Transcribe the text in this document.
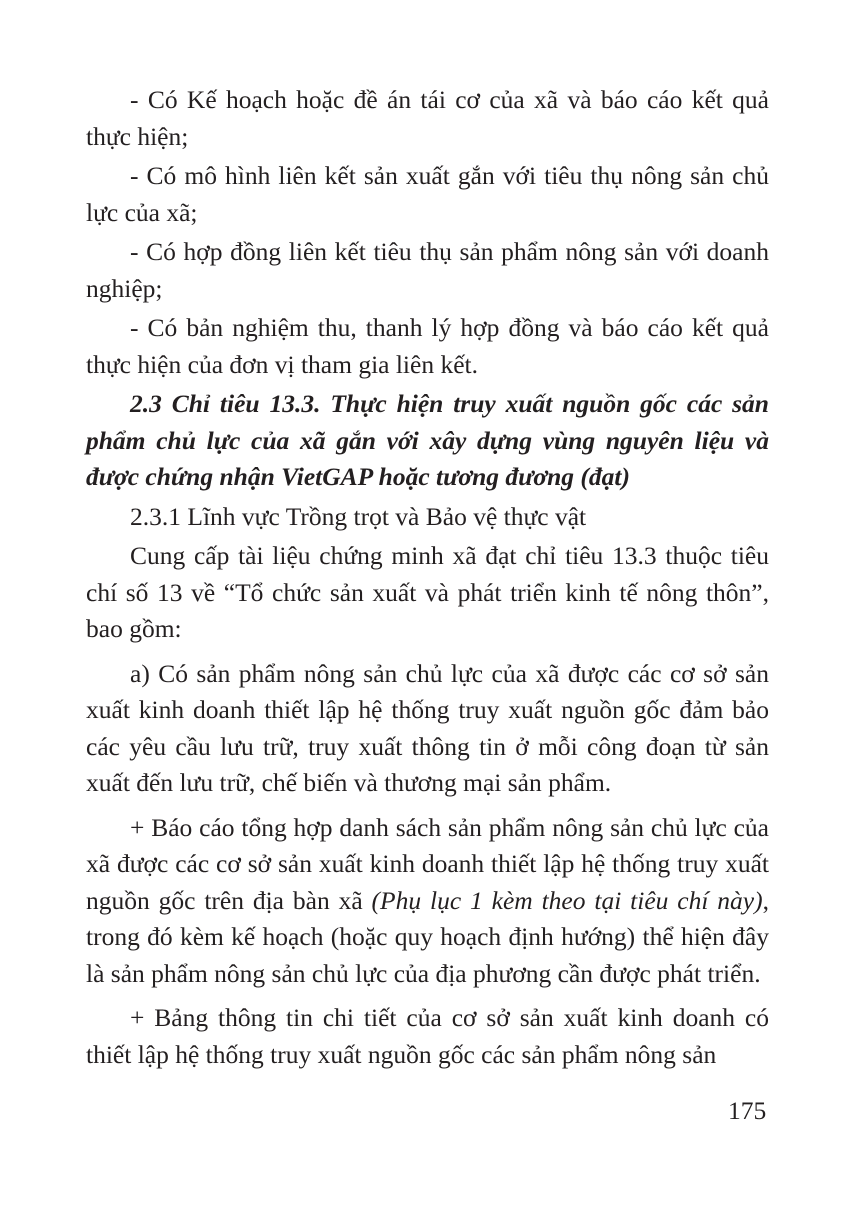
- Có Kế hoạch hoặc đề án tái cơ của xã và báo cáo kết quả thực hiện;

- Có mô hình liên kết sản xuất gắn với tiêu thụ nông sản chủ lực của xã;

- Có hợp đồng liên kết tiêu thụ sản phẩm nông sản với doanh nghiệp;

- Có bản nghiệm thu, thanh lý hợp đồng và báo cáo kết quả thực hiện của đơn vị tham gia liên kết.

2.3 Chỉ tiêu 13.3. Thực hiện truy xuất nguồn gốc các sản phẩm chủ lực của xã gắn với xây dựng vùng nguyên liệu và được chứng nhận VietGAP hoặc tương đương (đạt)

2.3.1 Lĩnh vực Trồng trọt và Bảo vệ thực vật

Cung cấp tài liệu chứng minh xã đạt chỉ tiêu 13.3 thuộc tiêu chí số 13 về “Tổ chức sản xuất và phát triển kinh tế nông thôn”, bao gồm:

a) Có sản phẩm nông sản chủ lực của xã được các cơ sở sản xuất kinh doanh thiết lập hệ thống truy xuất nguồn gốc đảm bảo các yêu cầu lưu trữ, truy xuất thông tin ở mỗi công đoạn từ sản xuất đến lưu trữ, chế biến và thương mại sản phẩm.

+ Báo cáo tổng hợp danh sách sản phẩm nông sản chủ lực của xã được các cơ sở sản xuất kinh doanh thiết lập hệ thống truy xuất nguồn gốc trên địa bàn xã (Phụ lục 1 kèm theo tại tiêu chí này), trong đó kèm kế hoạch (hoặc quy hoạch định hướng) thể hiện đây là sản phẩm nông sản chủ lực của địa phương cần được phát triển.

+ Bảng thông tin chi tiết của cơ sở sản xuất kinh doanh có thiết lập hệ thống truy xuất nguồn gốc các sản phẩm nông sản

175
